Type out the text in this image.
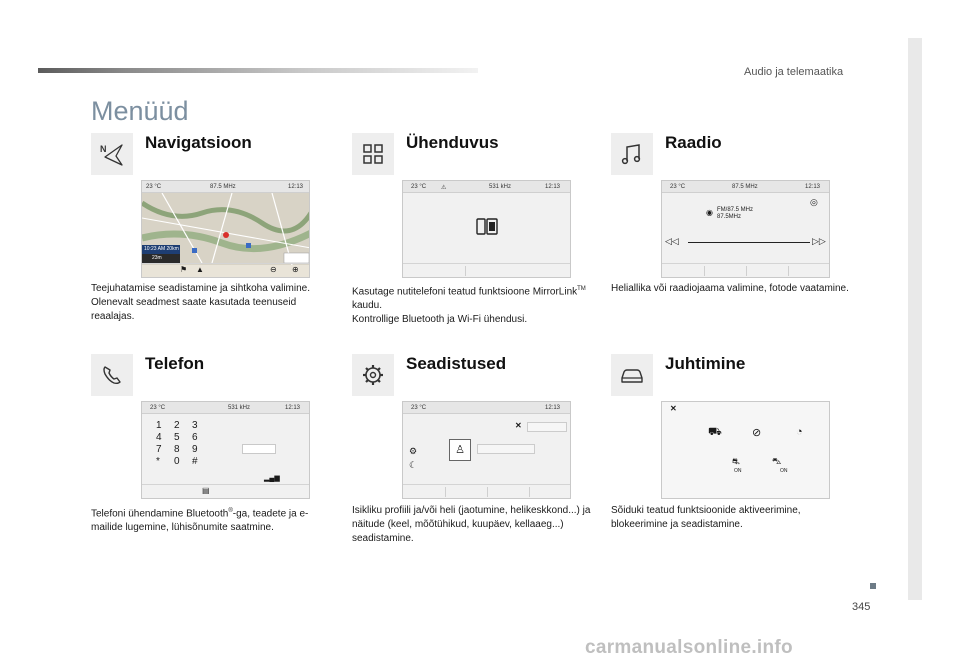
Audio ja telemaatika
345
Menüüd
N Navigatsioon
23 °C	87.5 MHz	12:13
10:23 AM 20km
23m
⚑ ▲	⊖ ⊕

Teejuhatamise seadistamine ja sihtkoha valimine.

Olenevalt seadmest saate kasutada teenuseid reaalajas.

Ühenduvus
23 °C ⚠	531 kHz	12:13

Kasutage nutitelefoni teatud funktsioone MirrorLink™ kaudu.

Kontrollige Bluetooth ja Wi-Fi ühendusi.

Raadio
23 °C	87.5 MHz	12:13
◉ FM/87.5 MHz
87.5MHz
◎
◁◁	▷▷

Heliallika või raadiojaama valimine, fotode vaatamine.

Telefon
23 °C	531 kHz	12:13
1	2	3
4	5	6
7	8	9
*	0	#
▂▄▆
▤

Telefoni ühendamine Bluetooth®-ga, teadete ja e-mailide lugemine, lühisõnumite saatmine.

Seadistused
23 °C	12:13
✕
♙
⚙
☾

Isikliku profiili ja/või heli (jaotumine, helikeskkond...) ja näitude (keel, mõõtühikud, kuupäev, kellaaeg...) seadistamine.

Juhtimine
✕
⛟	⊘	◔
⛐
ON
⛍
ON

Sõiduki teatud funktsioonide aktiveerimine, blokeerimine ja seadistamine.

carmanualsonline.info
